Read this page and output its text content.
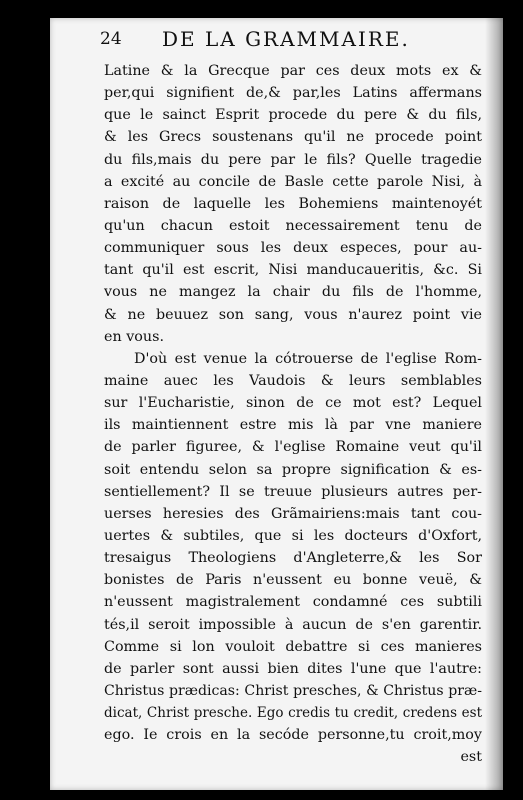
24 DE LA GRAMMAIRE.
Latine & la Grecque par ces deux mots ex &
per,qui signifient de,& par,les Latins affermans
que le sainct Esprit procede du pere & du fils,
& les Grecs soustenans qu'il ne procede point
du fils,mais du pere par le fils? Quelle tragedie
a excité au concile de Basle cette parole Nisi, à
raison de laquelle les Bohemiens maintenoyét
qu'un chacun estoit necessairement tenu de
communiquer sous les deux especes, pour au-
tant qu'il est escrit, Nisi manducaueritis, &c. Si
vous ne mangez la chair du fils de l'homme,
& ne beuuez son sang, vous n'aurez point vie
en vous.
D'où est venue la cótrouerse de l'eglise Rom-
maine auec les Vaudois & leurs semblables
sur l'Eucharistie, sinon de ce mot est? Lequel
ils maintiennent estre mis là par vne maniere
de parler figuree, & l'eglise Romaine veut qu'il
soit entendu selon sa propre signification & es-
sentiellement? Il se treuue plusieurs autres per-
uerses heresies des Grãmairiens:mais tant cou-
uertes & subtiles, que si les docteurs d'Oxfort,
tresaigus Theologiens d'Angleterre,& les Sor
bonistes de Paris n'eussent eu bonne veuë, &
n'eussent magistralement condamné ces subtili
tés,il seroit impossible à aucun de s'en garentir.
Comme si lon vouloit debattre si ces manieres
de parler sont aussi bien dites l'une que l'autre:
Christus prædicas: Christ presches, & Christus præ-
dicat, Christ presche. Ego credis tu credit, credens est
ego. Ie crois en la secóde personne,tu croit,moy
est
